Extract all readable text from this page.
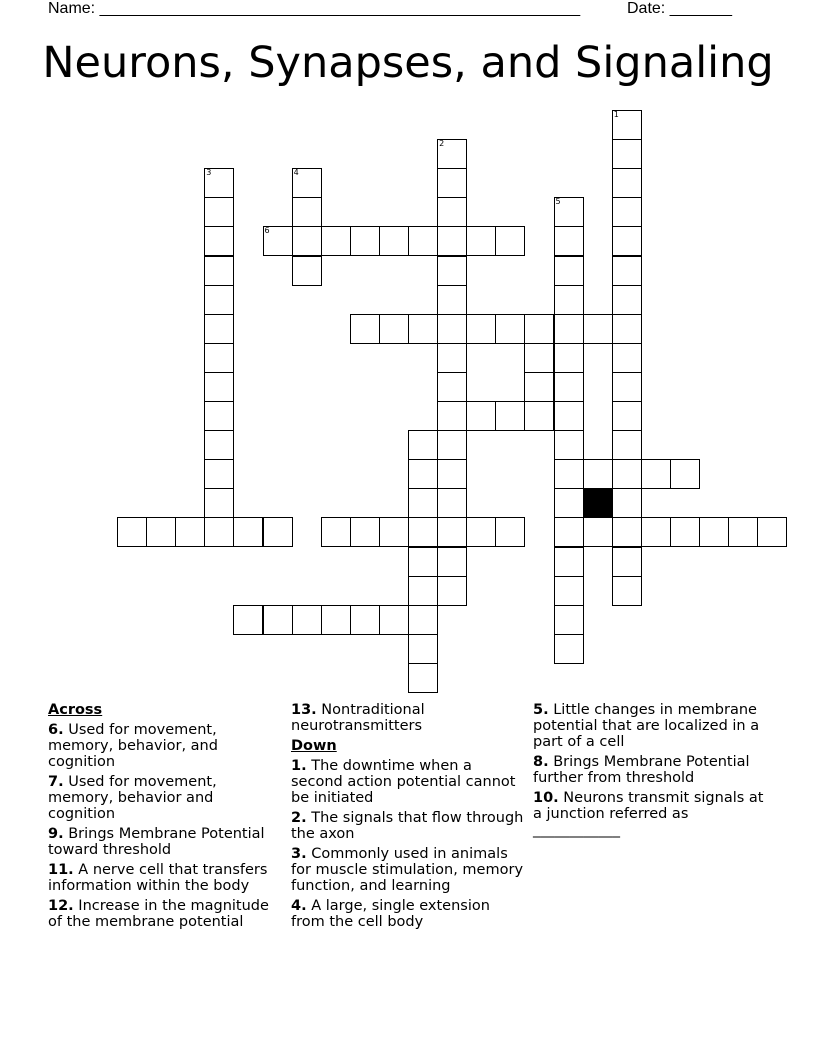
Name: ______________________________________________________	Date: _______
Neurons, Synapses, and Signaling
1
2
3	4
5
6
Across
6. Used for movement, memory, behavior, and cognition
7. Used for movement, memory, behavior and cognition
9. Brings Membrane Potential toward threshold
11. A nerve cell that transfers information within the body
12. Increase in the magnitude of the membrane potential
13. Nontraditional neurotransmitters
Down
1. The downtime when a second action potential cannot be initiated
2. The signals that flow through the axon
3. Commonly used in animals for muscle stimulation, memory function, and learning
4. A large, single extension from the cell body
5. Little changes in membrane potential that are localized in a part of a cell
8. Brings Membrane Potential further from threshold
10. Neurons transmit signals at a junction referred as ____________
